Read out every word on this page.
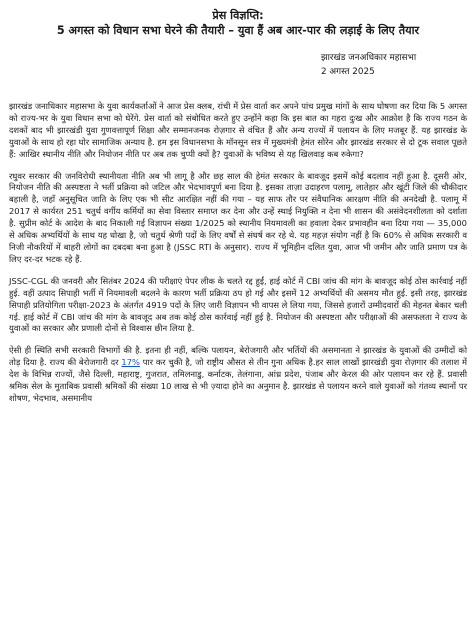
प्रेस विज्ञप्ति:
5 अगस्त को विधान सभा घेरने की तैयारी – युवा हैं अब आर-पार की लड़ाई के लिए तैयार
झारखंड जनअधिकार महासभा
2 अगस्त 2025

झारखंड जनाधिकार महासभा के युवा कार्यकर्ताओं ने आज प्रेस क्लब, रांची में प्रेस वार्ता कर अपने पांच प्रमुख मांगों के साथ घोषणा कर दिया कि 5 अगस्त को राज्य-भर के युवा विधान सभा को घेरेंगे. प्रेस वार्ता को संबोधित करते हुए उन्होंने कहा कि इस बात का गहरा दुःख और आक्रोश है कि राज्य गठन के दशकों बाद भी झारखंडी युवा गुणवत्तापूर्ण शिक्षा और सम्मानजनक रोज़गार से वंचित हैं और अन्य राज्यों में पलायन के लिए मजबूर हैं. यह झारखंड के युवाओं के साथ हो रहा घोर सामाजिक अन्याय है. हम इस विधानसभा के मॉनसून सत्र में मुख्यमंत्री हेमंत सोरेन और झारखंड सरकार से दो टूक सवाल पूछते हैं: आखिर स्थानीय नीति और नियोजन नीति पर अब तक चुप्पी क्यों है? युवाओं के भविष्य से यह खिलवाड़ कब रुकेगा?

रघुवर सरकार की जनविरोधी स्थानीयता नीति अब भी लागू है और छह साल की हेमंत सरकार के बावजूद इसमें कोई बदलाव नहीं हुआ है. दूसरी ओर, नियोजन नीति की अस्पष्टता ने भर्ती प्रक्रिया को जटिल और भेदभावपूर्ण बना दिया है. इसका ताज़ा उदाहरण पलामू, लातेहार और खूंटी जिले की चौकीदार बहाली है, जहाँ अनुसूचित जाति के लिए एक भी सीट आरक्षित नहीं की गया – यह साफ तौर पर संवैधानिक आरक्षण नीति की अनदेखी है. पलामू में 2017 से कार्यरत 251 चतुर्थ वर्गीय कर्मियों का सेवा विस्तार समाप्त कर देना और उन्हें स्थाई नियुक्ति न देना भी शासन की असंवेदनशीलता को दर्शाता है. सुप्रीम कोर्ट के आदेश के बाद निकाली गई विज्ञापन संख्या 1/2025 को स्थानीय नियमावली का हवाला देकर प्रभावहीन बना दिया गया — 35,000 से अधिक अभ्यर्थियों के साथ यह धोखा है, जो चतुर्थ श्रेणी पदों के लिए वर्षों से संघर्ष कर रहे थे. यह महज़ संयोग नहीं है कि 60% से अधिक सरकारी व निजी नौकरियों में बाहरी लोगों का दबदबा बना हुआ है (JSSC RTI के अनुसार). राज्य में भूमिहीन दलित युवा, आज भी जमीन और जाति प्रमाण पत्र के लिए दर-दर भटक रहे हैं.

JSSC-CGL की जनवरी और सितंबर 2024 की परीक्षाएं पेपर लीक के चलते रद्द हुईं, हाई कोर्ट में CBI जांच की मांग के बावजूद कोई ठोस कार्रवाई नहीं हुई. वहीं उत्पाद सिपाही भर्ती में नियमावली बदलने के कारण भर्ती प्रक्रिया ठप हो गई और इसमें 12 अभ्यर्थियों की असमय मौत हुई. इसी तरह, झारखंड सिपाही प्रतियोगिता परीक्षा-2023 के अंतर्गत 4919 पदों के लिए जारी विज्ञापन भी वापस ले लिया गया, जिससे हजारों उम्मीदवारों की मेहनत बेकार चली गई. हाई कोर्ट में CBI जांच की मांग के बावजूद अब तक कोई ठोस कार्रवाई नहीं हुई है. नियोजन की अस्पष्टता और परीक्षाओं की असफलता ने राज्य के युवाओं का सरकार और प्रणाली दोनों से विश्वास छीन लिया है.

ऐसी ही स्थिति सभी सरकारी विभागों की है. इतना ही नहीं, बल्कि पलायन, बेरोजगारी और भर्तियों की असमानता ने झारखंड के युवाओं की उम्मीदों को तोड़ दिया है. राज्य की बेरोजगारी दर 17% पार कर चुकी है, जो राष्ट्रीय औसत से तीन गुना अधिक है.हर साल लाखों झारखंडी युवा रोज़गार की तलाश में देश के विभिन्न राज्यों, जैसे दिल्ली, महाराष्ट्र, गुजरात, तमिलनाडु, कर्नाटक, तेलंगाना, आंध्र प्रदेश, पंजाब और केरल की ओर पलायन कर रहे हैं. प्रवासी श्रमिक सेल के मुताबिक प्रवासी श्रमिकों की संख्या 10 लाख से भी ज़्यादा होने का अनुमान है. झारखंड से पलायन करने वाले युवाओं को गंतव्य स्थानों पर शोषण, भेदभाव, असमानीय
